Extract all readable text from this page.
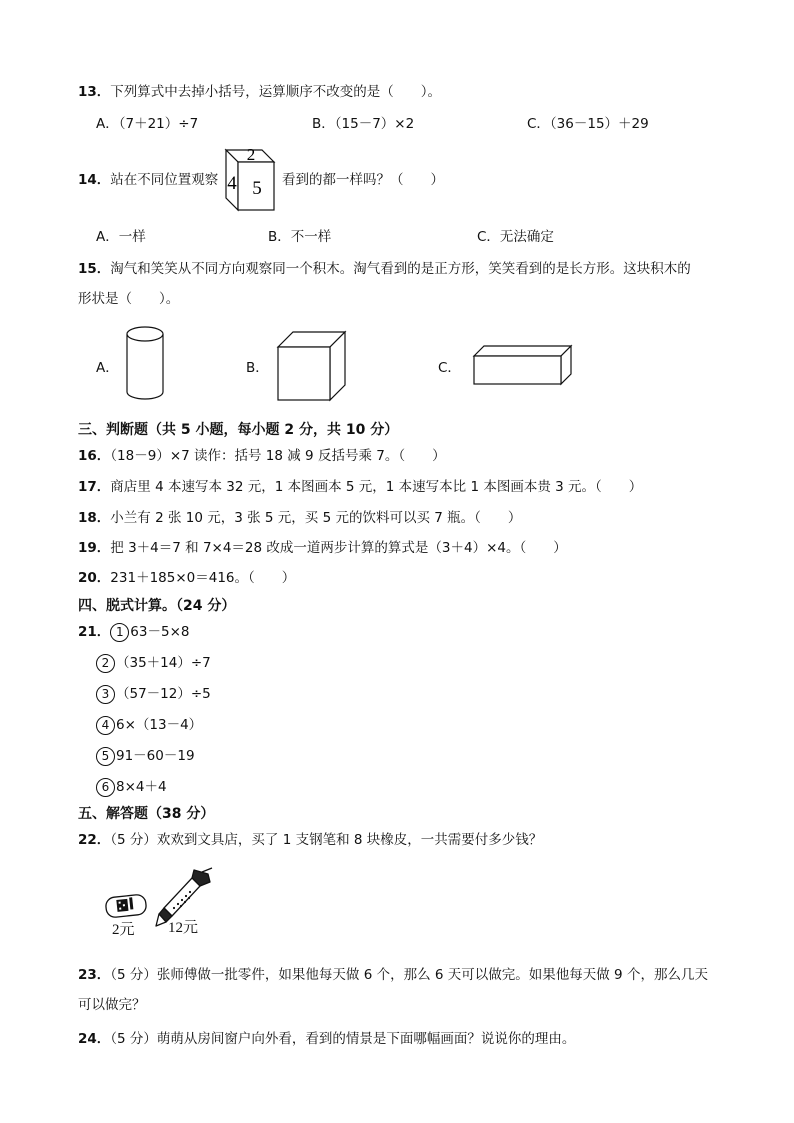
13．下列算式中去掉小括号，运算顺序不改变的是（　　）。
A．（7＋21）÷7	B．（15－7）×2	C．（36－15）＋29
14．站在不同位置观察
2
4 5 看到的都一样吗？（　　）
A．一样	B．不一样	C．无法确定
15．淘气和笑笑从不同方向观察同一个积木。淘气看到的是正方形，笑笑看到的是长方形。这块积木的
形状是（　　）。
A．	B．	C．
三、判断题（共 5 小题，每小题 2 分，共 10 分）
16．（18－9）×7 读作：括号 18 减 9 反括号乘 7。（　　）
17．商店里 4 本速写本 32 元，1 本图画本 5 元，1 本速写本比 1 本图画本贵 3 元。（　　）
18．小兰有 2 张 10 元，3 张 5 元，买 5 元的饮料可以买 7 瓶。（　　）
19．把 3＋4＝7 和 7×4＝28 改成一道两步计算的算式是（3＋4）×4。（　　）
20．231＋185×0＝416。（　　）
四、脱式计算。（24 分）
21． 1 63－5×8
2 （35＋14）÷7
3 （57－12）÷5
4 6×（13－4）
5 91－60－19
6 8×4＋4
五、解答题（38 分）
22．（5 分）欢欢到文具店，买了 1 支钢笔和 8 块橡皮，一共需要付多少钱？
2元 12元
23．（5 分）张师傅做一批零件，如果他每天做 6 个，那么 6 天可以做完。如果他每天做 9 个，那么几天
可以做完？
24．（5 分）萌萌从房间窗户向外看，看到的情景是下面哪幅画面？说说你的理由。
